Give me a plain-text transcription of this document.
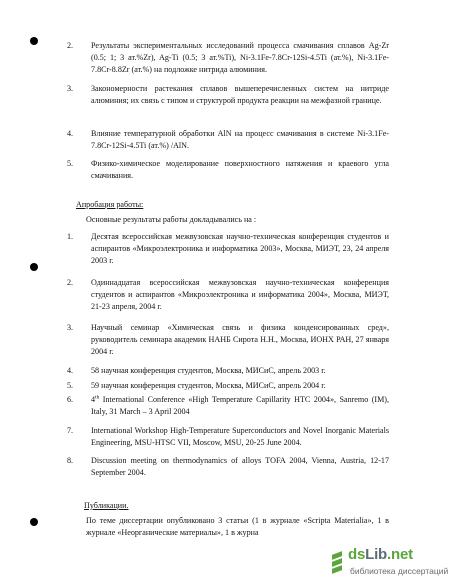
2. Результаты экспериментальных исследований процесса смачивания сплавов Ag-Zr (0.5; 1; 3 ат.%Zr), Ag-Ti (0.5; 3 ат.%Ti), Ni-3.1Fe-7.8Cr-12Si-4.5Ti (ат.%), Ni-3.1Fe-7.8Cr-8.8Zr (ат.%) на подложке нитрида алюминия.
3. Закономерности растекания сплавов вышеперечисленных систем на нитриде алюминия; их связь с типом и структурой продукта реакции на межфазной границе.
4. Влияние температурной обработки AlN на процесс смачивания в системе Ni-3.1Fe-7.8Cr-12Si-4.5Ti (ат.%) /AlN.
5. Физико-химическое моделирование поверхностного натяжения и краевого угла смачивания.
Апробация работы:
Основные результаты работы докладывались на :
1. Десятая всероссийская межвузовская научно-техническая конференция студентов и аспирантов «Микроэлектроника и информатика 2003», Москва, МИЭТ, 23, 24 апреля 2003 г.
2. Одиннадцатая всероссийская межвузовская научно-техническая конференция студентов и аспирантов «Микроэлектроника и информатика 2004», Москва, МИЭТ, 21-23 апреля, 2004 г.
3. Научный семинар «Химическая связь и физика конденсированных сред», руководитель семинара академик НАНБ Сирота Н.Н., Москва, ИОНХ РАН, 27 января 2004 г.
4. 58 научная конференция студентов, Москва, МИСиС, апрель 2003 г.
5. 59 научная конференция студентов, Москва, МИСиС, апрель 2004 г.
6. 4th International Conference «High Temperature Capillarity HTC 2004», Sanremo (IM), Italy, 31 March – 3 April 2004
7. International Workshop High-Temperature Superconductors and Novel Inorganic Materials Engineering, MSU-HTSC VII, Moscow, MSU, 20-25 June 2004.
8. Discussion meeting on thermodynamics of alloys TOFA 2004, Vienna, Austria, 12-17 September 2004.
Публикации.
По теме диссертации опубликовано 3 статьи (1 в журнале «Scripta Materialia», 1 в журнале «Неорганические материалы», 1 в журна
dsLib.net
библиотека диссертаций
